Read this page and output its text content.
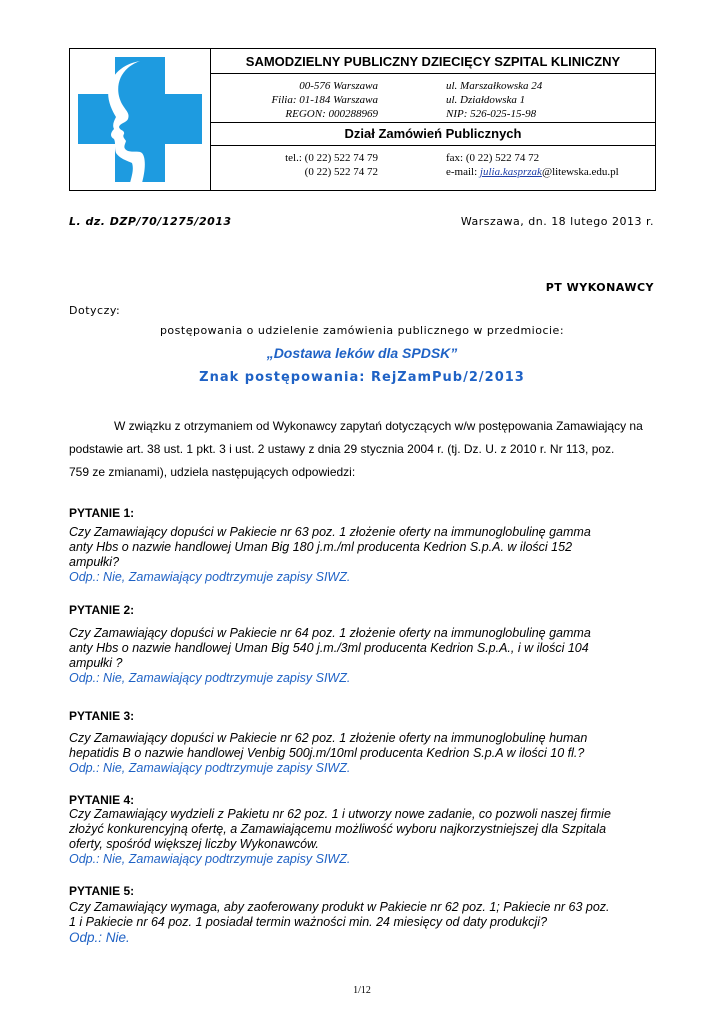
SAMODZIELNY PUBLICZNY DZIECIĘCY SZPITAL KLINICZNY
00-576 Warszawa
Filia: 01-184 Warszawa
REGON: 000288969
ul. Marszałkowska 24
ul. Działdowska 1
NIP: 526-025-15-98
Dział Zamówień Publicznych
tel.: (0 22) 522 74 79
(0 22) 522 74 72
fax: (0 22) 522 74 72
e-mail: julia.kasprzak@litewska.edu.pl
L. dz. DZP/70/1275/2013	Warszawa, dn. 18 lutego 2013 r.
PT WYKONAWCY
Dotyczy:
postępowania o udzielenie zamówienia publicznego w przedmiocie:
„Dostawa leków dla SPDSK”
Znak postępowania: RejZamPub/2/2013
W związku z otrzymaniem od Wykonawcy zapytań dotyczących w/w postępowania Zamawiający na
podstawie art. 38 ust. 1 pkt. 3 i ust. 2 ustawy z dnia 29 stycznia 2004 r. (tj. Dz. U. z 2010 r. Nr 113, poz.
759 ze zmianami), udziela następujących odpowiedzi:
PYTANIE 1:
Czy Zamawiający dopuści w Pakiecie nr 63 poz. 1 złożenie oferty na immunoglobulinę gamma
anty Hbs o nazwie handlowej Uman Big 180 j.m./ml producenta Kedrion S.p.A. w ilości 152
ampułki?
Odp.: Nie, Zamawiający podtrzymuje zapisy SIWZ.
PYTANIE 2:
Czy Zamawiający dopuści w Pakiecie nr 64 poz. 1 złożenie oferty na immunoglobulinę gamma
anty Hbs o nazwie handlowej Uman Big 540 j.m./3ml producenta Kedrion S.p.A., i w ilości 104
ampułki ?
Odp.: Nie, Zamawiający podtrzymuje zapisy SIWZ.
PYTANIE 3:
Czy Zamawiający dopuści w Pakiecie nr 62 poz. 1 złożenie oferty na immunoglobulinę human
hepatidis B o nazwie handlowej Venbig 500j.m/10ml producenta Kedrion S.p.A w ilości 10 fl.?
Odp.: Nie, Zamawiający podtrzymuje zapisy SIWZ.
PYTANIE 4:
Czy Zamawiający wydzieli z Pakietu nr 62 poz. 1 i utworzy nowe zadanie, co pozwoli naszej firmie
złożyć konkurencyjną ofertę, a Zamawiającemu możliwość wyboru najkorzystniejszej dla Szpitala
oferty, spośród większej liczby Wykonawców.
Odp.: Nie, Zamawiający podtrzymuje zapisy SIWZ.
PYTANIE 5:
Czy Zamawiający wymaga, aby zaoferowany produkt w Pakiecie nr 62 poz. 1; Pakiecie nr 63 poz.
1 i Pakiecie nr 64 poz. 1 posiadał termin ważności min. 24 miesięcy od daty produkcji?
Odp.: Nie.
1/12
